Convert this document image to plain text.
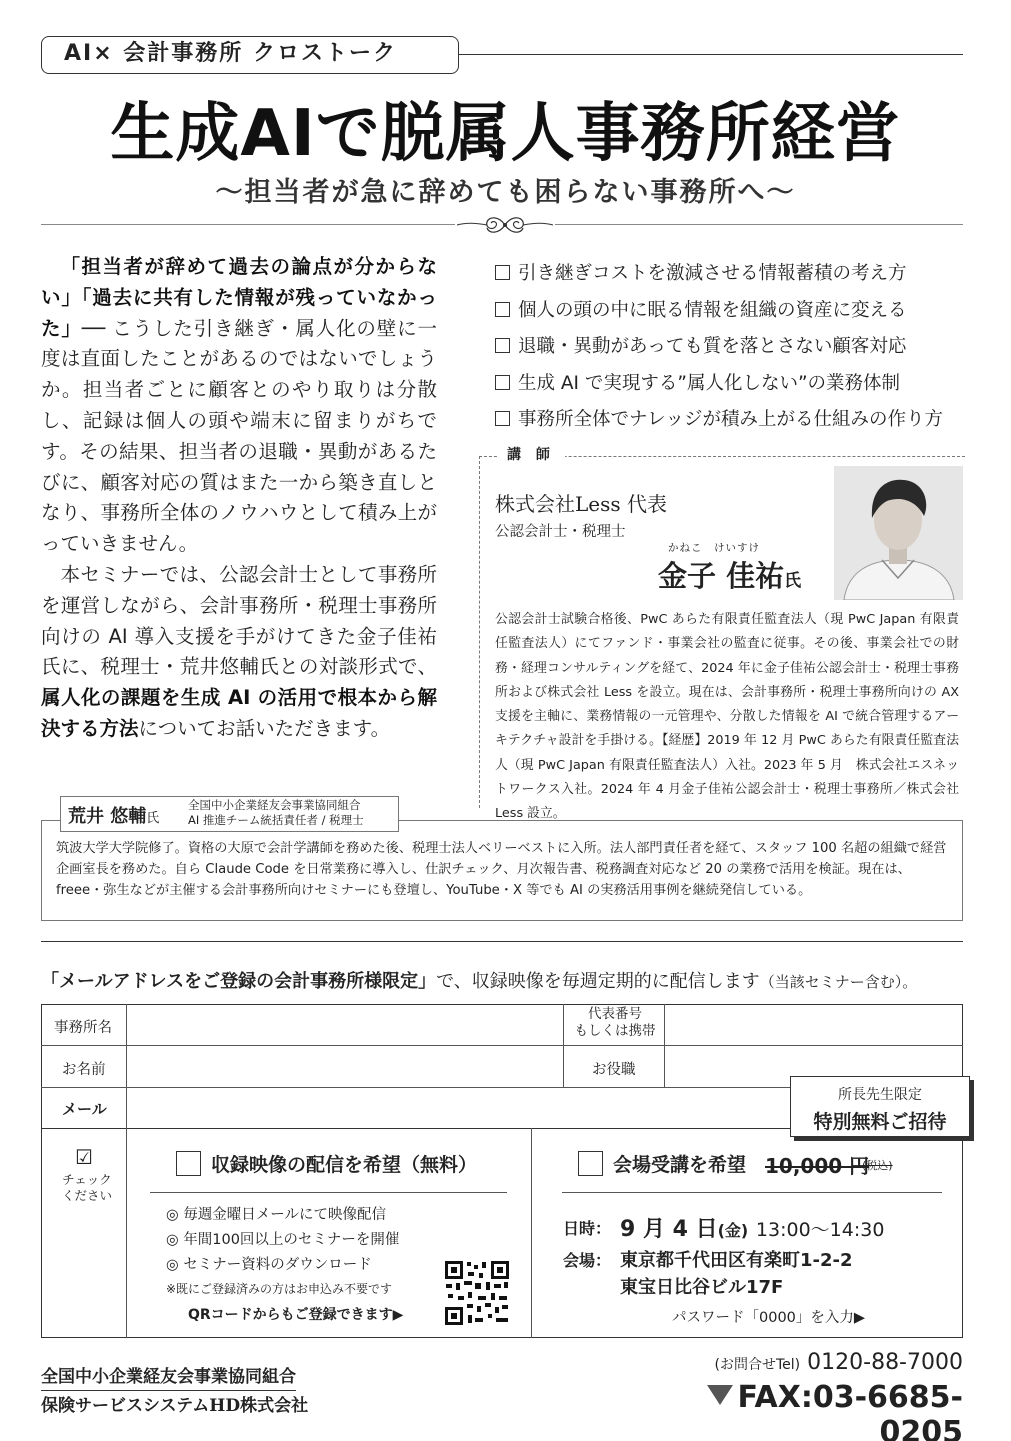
AI× 会計事務所 クロストーク
生成AIで脱属人事務所経営
〜担当者が急に辞めても困らない事務所へ〜

「担当者が辞めて過去の論点が分からない」「過去に共有した情報が残っていなかった」── こうした引き継ぎ・属人化の壁に一度は直面したことがあるのではないでしょうか。担当者ごとに顧客とのやり取りは分散し、記録は個人の頭や端末に留まりがちです。その結果、担当者の退職・異動があるたびに、顧客対応の質はまた一から築き直しとなり、事務所全体のノウハウとして積み上がっていきません。

本セミナーでは、公認会計士として事務所を運営しながら、会計事務所・税理士事務所向けの AI 導入支援を手がけてきた金子佳祐氏に、税理士・荒井悠輔氏との対談形式で、属人化の課題を生成 AI の活用で根本から解決する方法についてお話いただきます。

引き継ぎコストを激減させる情報蓄積の考え方
個人の頭の中に眠る情報を組織の資産に変える
退職・異動があっても質を落とさない顧客対応
生成 AI で実現する”属人化しない”の業務体制
事務所全体でナレッジが積み上がる仕組みの作り方
講 師
株式会社Less 代表
公認会計士・税理士
かねこ　けいすけ
金子 佳祐氏
公認会計士試験合格後、PwC あらた有限責任監査法人（現 PwC Japan 有限責任監査法人）にてファンド・事業会社の監査に従事。その後、事業会社での財務・経理コンサルティングを経て、2024 年に金子佳祐公認会計士・税理士事務所および株式会社 Less を設立。現在は、会計事務所・税理士事務所向けの AX 支援を主軸に、業務情報の一元管理や、分散した情報を AI で統合管理するアーキテクチャ設計を手掛ける。【経歴】2019 年 12 月 PwC あらた有限責任監査法人（現 PwC Japan 有限責任監査法人）入社。2023 年 5 月　株式会社エスネットワークス入社。2024 年 4 月金子佳祐公認会計士・税理士事務所／株式会社 Less 設立。
荒井 悠輔氏
全国中小企業経友会事業協同組合
AI 推進チーム統括責任者 / 税理士
筑波大学大学院修了。資格の大原で会計学講師を務めた後、税理士法人ベリーベストに入所。法人部門責任者を経て、スタッフ 100 名超の組織で経営企画室長を務めた。自ら Claude Code を日常業務に導入し、仕訳チェック、月次報告書、税務調査対応など 20 の業務で活用を検証。現在は、freee・弥生などが主催する会計事務所向けセミナーにも登壇し、YouTube・X 等でも AI の実務活用事例を継続発信している。
「メールアドレスをご登録の会計事務所様限定」で、収録映像を毎週定期的に配信します（当該セミナー含む）。
事務所名
代表番号
もしくは携帯
お名前	お役職
メール
所長先生限定
特別無料ご招待
☑
チェック
ください
収録映像の配信を希望（無料）
◎ 毎週金曜日メールにて映像配信
◎ 年間100回以上のセミナーを開催
◎ セミナー資料のダウンロード
※既にご登録済みの方はお申込み不要です
QRコードからもご登録できます▶
会場受講を希望 10,000 円
(税込)
日時： 9 月 4 日(金) 13:00〜14:30
会場： 東京都千代田区有楽町1-2-2
東宝日比谷ビル17F
パスワード「0000」を入力▶
全国中小企業経友会事業協同組合
保険サービスシステムHD株式会社
(お問合せTel) 0120-88-7000
FAX:03-6685-0205
